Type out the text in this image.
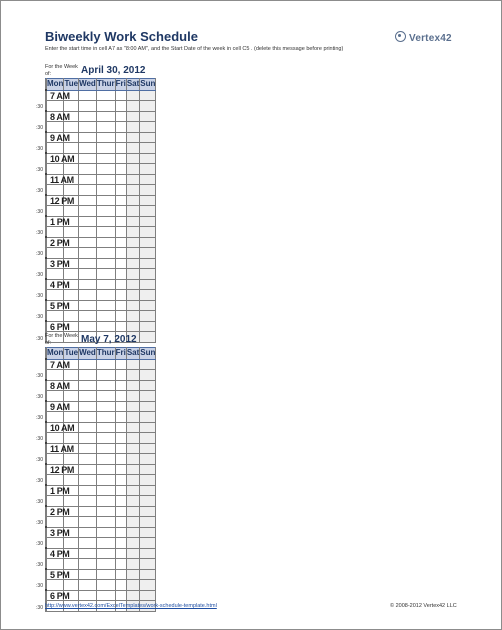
Biweekly Work Schedule
Enter the start time in cell A7 as "8:00 AM", and the Start Date of the week in cell C5 . (delete this message before printing)
Vertex42
For the Week of:	April 30, 2012
	Mon	Tue	Wed	Thur	Fri	Sat	Sun

7 AM
:30						

8 AM
:30						

9 AM
:30						

10 AM
:30						

11 AM
:30						

12 PM
:30						

1 PM
:30						

2 PM
:30						

3 PM
:30						

4 PM
:30						

5 PM
:30						

6 PM
:30						

						For the Week of:	May 7, 2012
	Mon	Tue	Wed	Thur	Fri	Sat	Sun

7 AM
:30						

8 AM
:30						

9 AM
:30						

10 AM
:30						

11 AM
:30						

12 PM
:30						

1 PM
:30						

2 PM
:30						

3 PM
:30						

4 PM
:30						

5 PM
:30						

6 PM
:30						

						http://www.vertex42.com/ExcelTemplates/work-schedule-template.html	© 2008-2012 Vertex42 LLC
